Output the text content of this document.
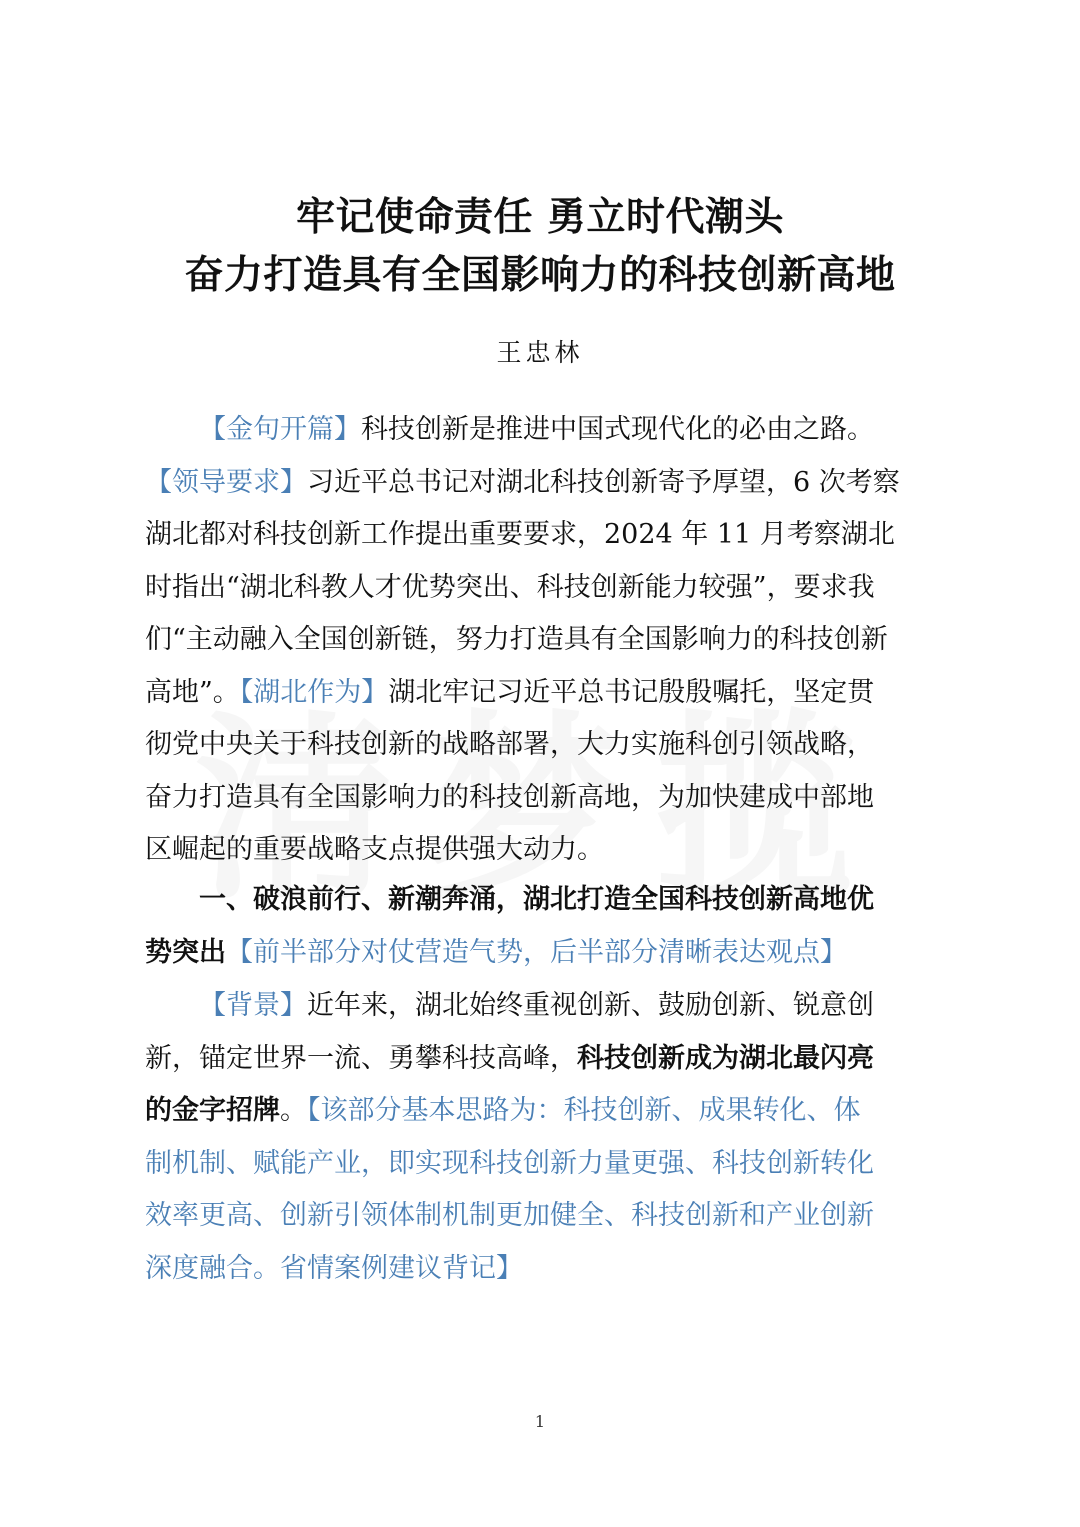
牢记使命责任 勇立时代潮头
奋力打造具有全国影响力的科技创新高地
王忠林
【金句开篇】科技创新是推进中国式现代化的必由之路。
【领导要求】习近平总书记对湖北科技创新寄予厚望，6 次考察
湖北都对科技创新工作提出重要要求，2024 年 11 月考察湖北
时指出“湖北科教人才优势突出、科技创新能力较强”，要求我
们“主动融入全国创新链，努力打造具有全国影响力的科技创新
高地”。【湖北作为】湖北牢记习近平总书记殷殷嘱托，坚定贯
彻党中央关于科技创新的战略部署，大力实施科创引领战略，
奋力打造具有全国影响力的科技创新高地，为加快建成中部地
区崛起的重要战略支点提供强大动力。
一、破浪前行、新潮奔涌，湖北打造全国科技创新高地优
势突出【前半部分对仗营造气势，后半部分清晰表达观点】
【背景】近年来，湖北始终重视创新、鼓励创新、锐意创
新，锚定世界一流、勇攀科技高峰，科技创新成为湖北最闪亮
的金字招牌。【该部分基本思路为：科技创新、成果转化、体
制机制、赋能产业，即实现科技创新力量更强、科技创新转化
效率更高、创新引领体制机制更加健全、科技创新和产业创新
深度融合。省情案例建议背记】
1
